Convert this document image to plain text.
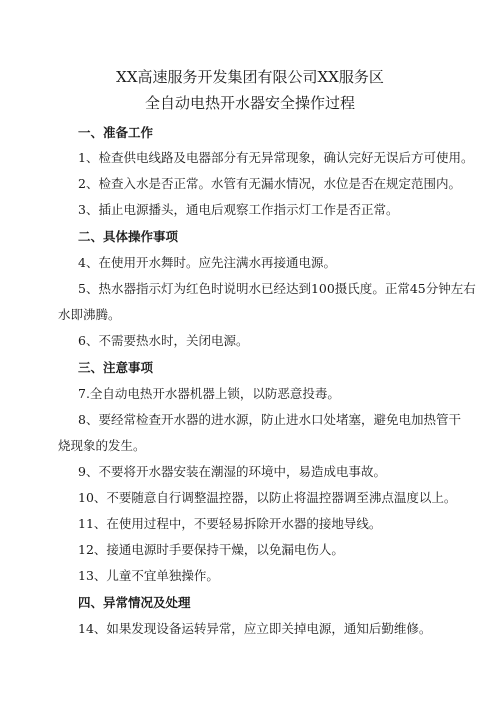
XX高速服务开发集团有限公司XX服务区
全自动电热开水器安全操作过程
一、准备工作
1、检查供电线路及电器部分有无异常现象，确认完好无误后方可使用。
2、检查入水是否正常。水管有无漏水情况，水位是否在规定范围内。
3、插止电源播头，通电后观察工作指示灯工作是否正常。
二、具体操作事项
4、在使用开水舞时。应先注满水再接通电源。
5、热水器指示灯为红色时说明水已经达到100摄氏度。正常45分钟左右
水即沸腾。
6、不需要热水时，关闭电源。
三、注意事项
7.全自动电热开水器机器上锁，以防恶意投毒。
8、要经常检查开水器的进水源，防止进水口处堵塞，避免电加热管干
烧现象的发生。
9、不要将开水器安装在潮湿的环境中，易造成电事故。
10、不要随意自行调整温控器，以防止将温控器调至沸点温度以上。
11、在使用过程中，不要轻易拆除开水器的接地导线。
12、接通电源时手要保持干燥，以免漏电伤人。
13、儿童不宜单独操作。
四、异常情况及处理
14、如果发现设备运转异常，应立即关掉电源，通知后勤维修。
